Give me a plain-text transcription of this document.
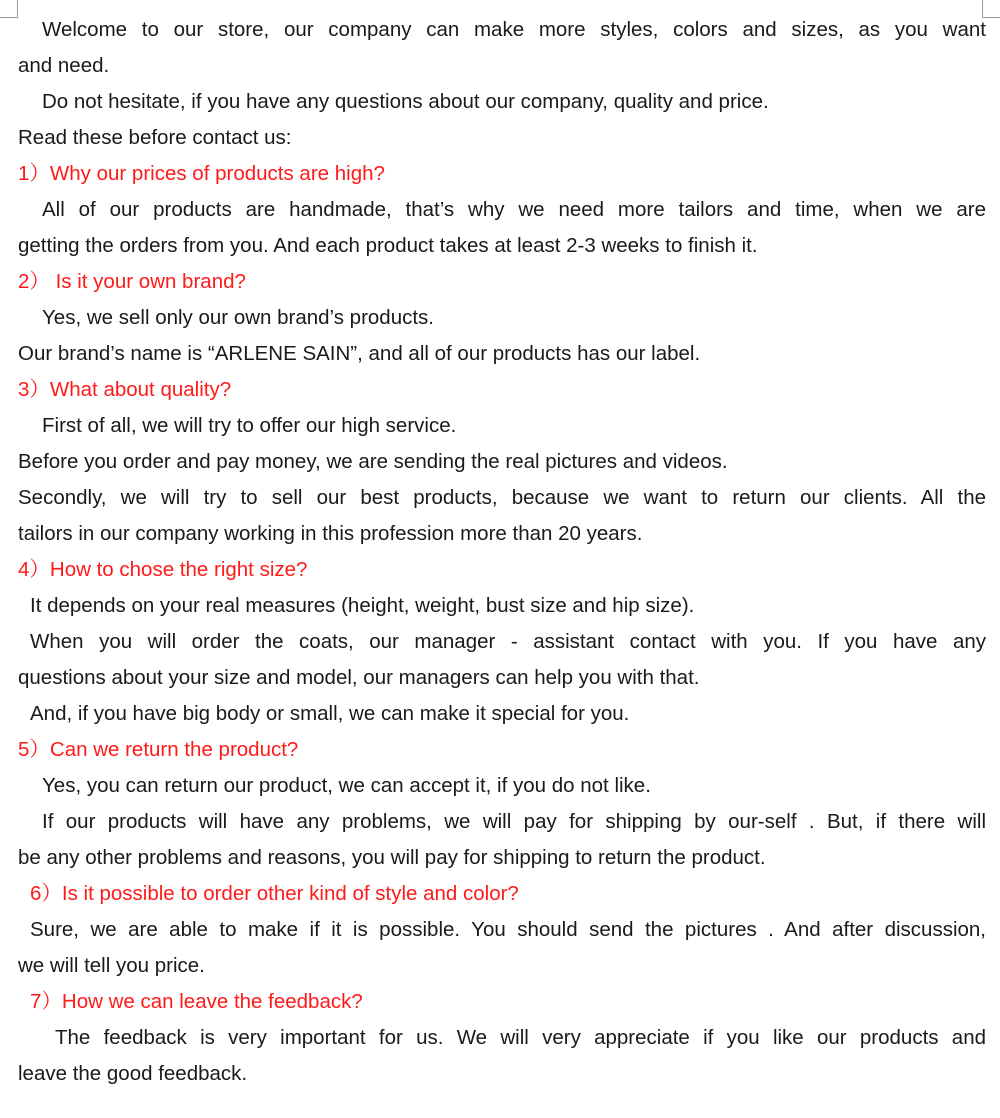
Welcome to our store, our company can make more styles, colors and sizes, as you want
and need.
Do not hesitate, if you have any questions about our company, quality and price.
Read these before contact us:
1）Why our prices of products are high?
All of our products are handmade, that’s why we need more tailors and time, when we are
getting the orders from you. And each product takes at least 2-3 weeks to finish it.
2） Is it your own brand?
Yes, we sell only our own brand’s products.
Our brand’s name is “ARLENE SAIN”, and all of our products has our label.
3）What about quality?
First of all, we will try to offer our high service.
Before you order and pay money, we are sending the real pictures and videos.
Secondly, we will try to sell our best products, because we want to return our clients. All the
tailors in our company working in this profession more than 20 years.
4）How to chose the right size?
It depends on your real measures (height, weight, bust size and hip size).
When you will order the coats, our manager - assistant contact with you. If you have any
questions about your size and model, our managers can help you with that.
And, if you have big body or small, we can make it special for you.
5）Can we return the product?
Yes, you can return our product, we can accept it, if you do not like.
If our products will have any problems, we will pay for shipping by our-self . But, if there will
be any other problems and reasons, you will pay for shipping to return the product.
6）Is it possible to order other kind of style and color?
Sure, we are able to make if it is possible. You should send the pictures . And after discussion,
we will tell you price.
7）How we can leave the feedback?
The feedback is very important for us. We will very appreciate if you like our products and
leave the good feedback.
